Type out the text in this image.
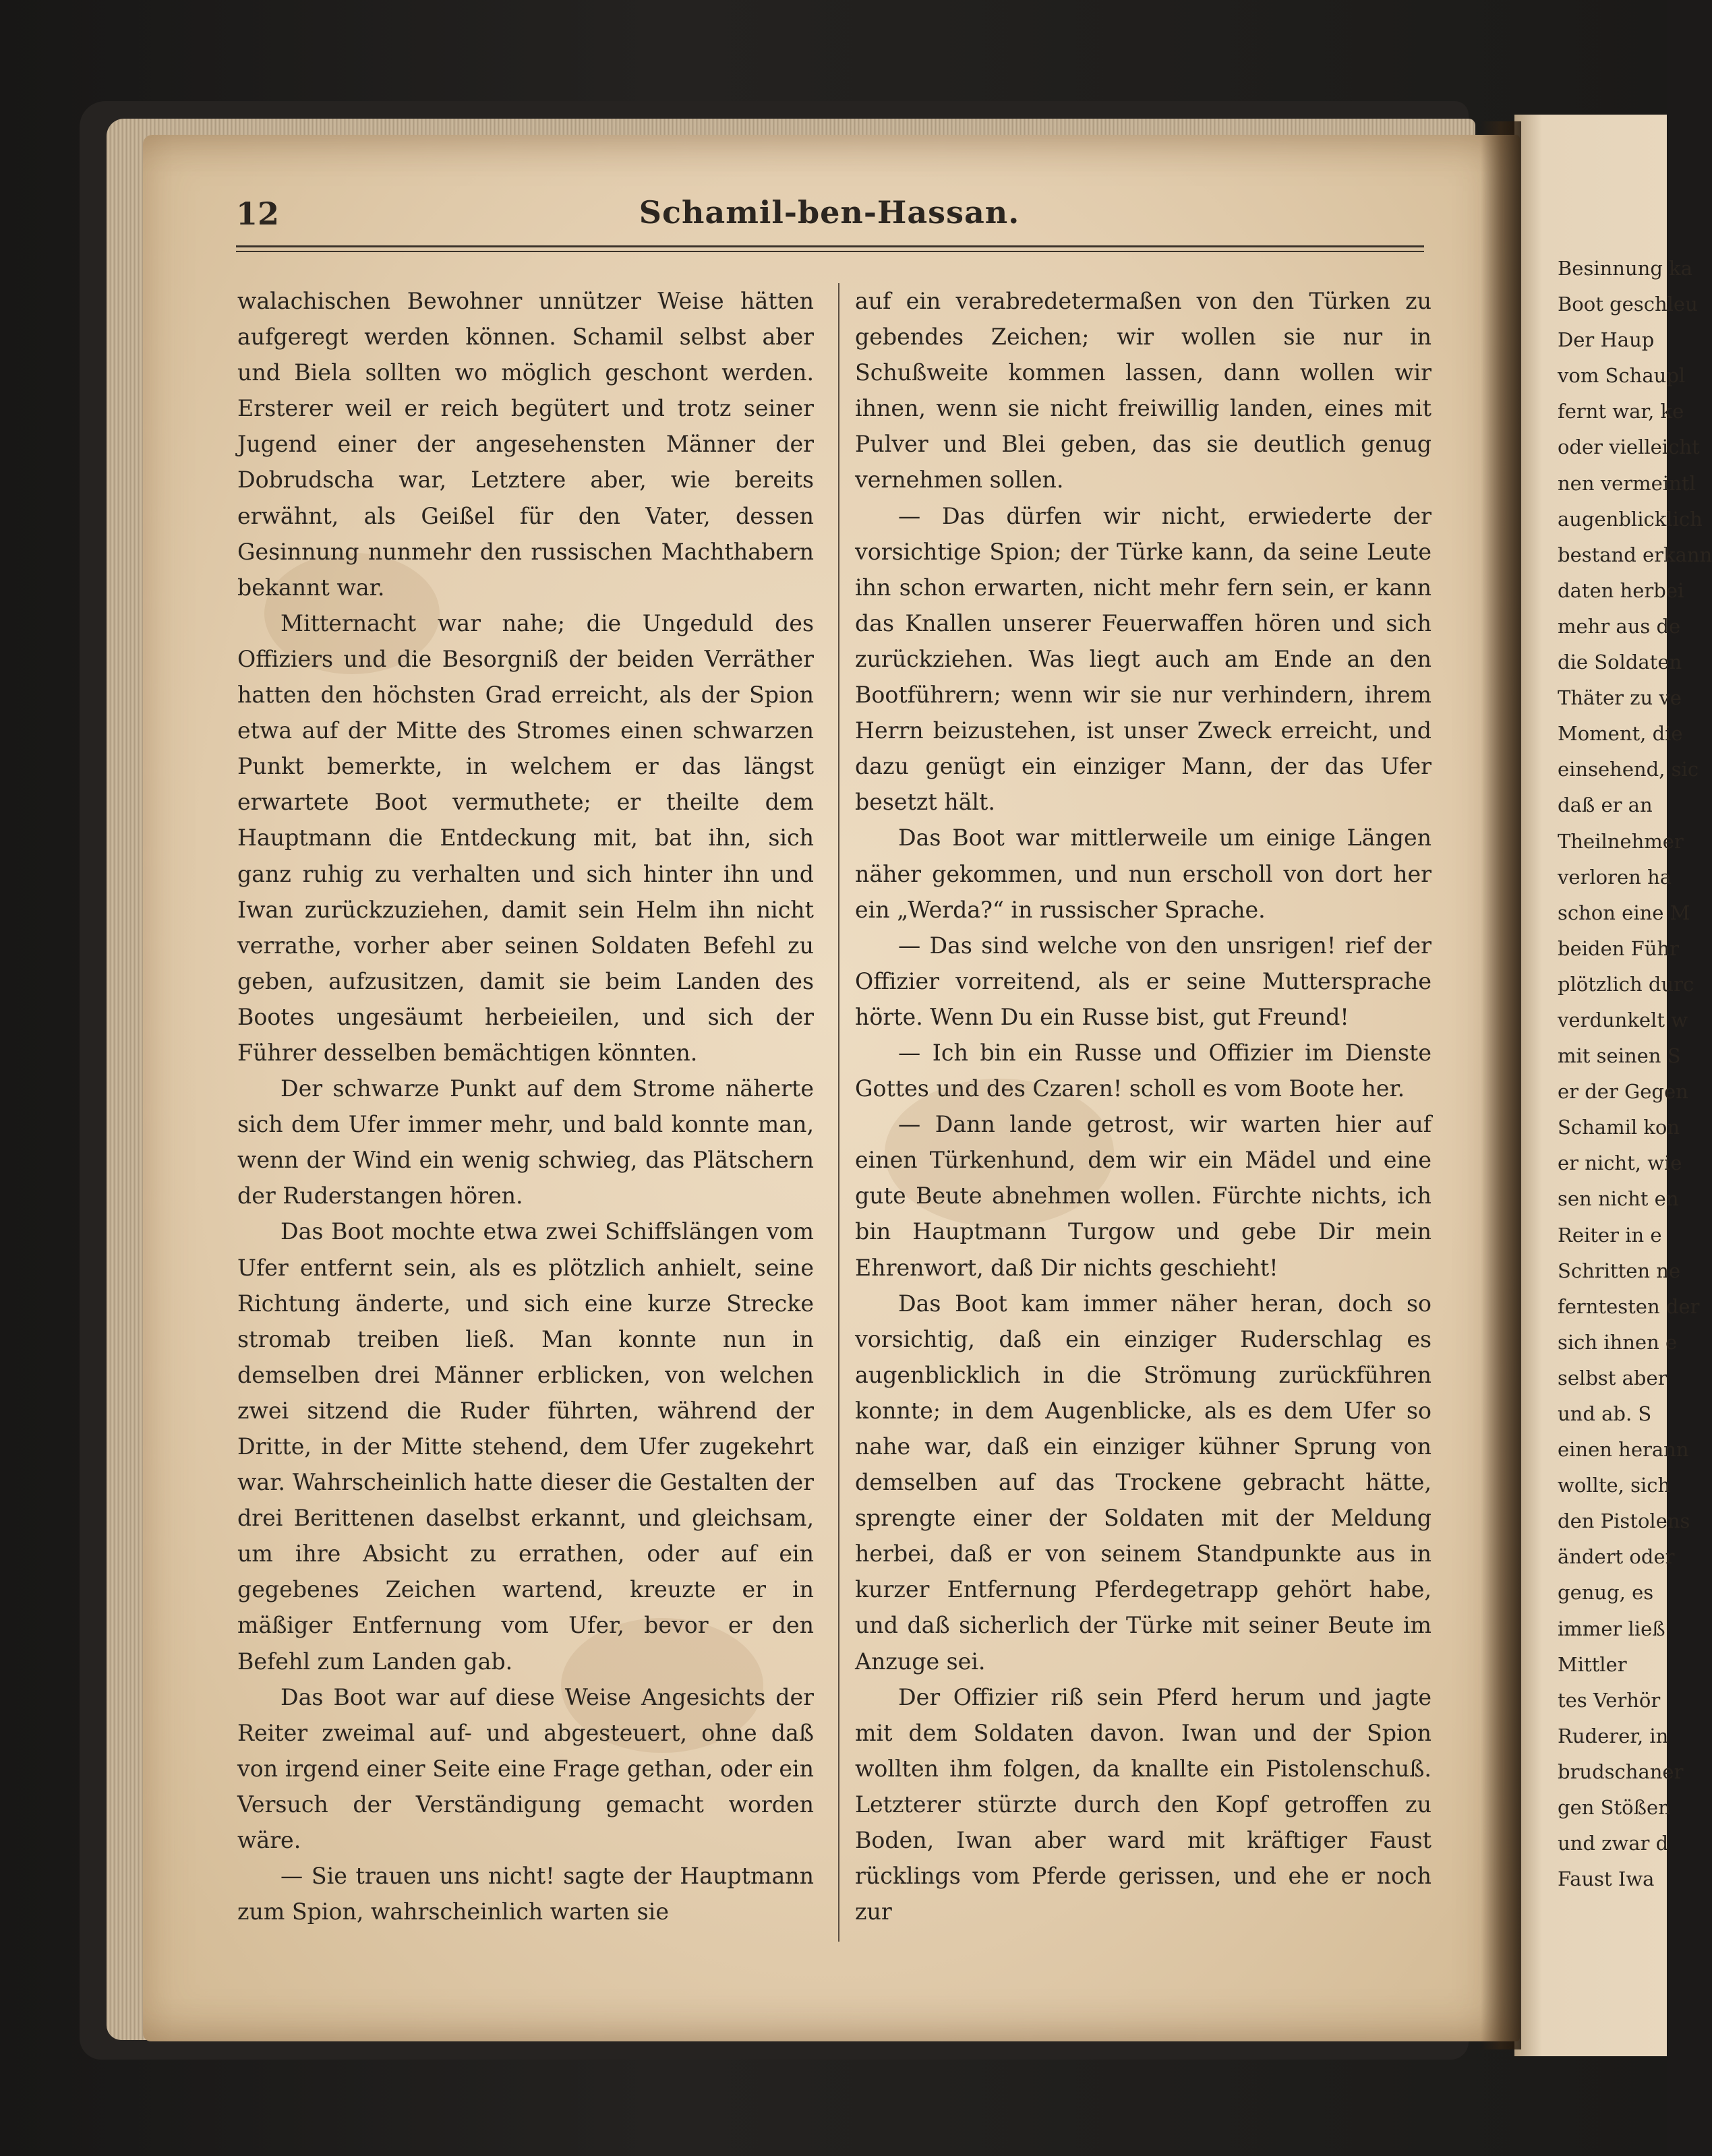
Besinnung ka
Boot geschleu
Der Haup
vom Schaupl
fernt war, ke
oder vielleicht
nen vermeintl
augenblicklich
bestand erkann
daten herbei
mehr aus de
die Soldaten
Thäter zu ve
Moment, die
einsehend, sic
daß er an
Theilnehmer
verloren ha
schon eine M
beiden Führ
plötzlich durc
verdunkelt w
mit seinen S
er der Gegen
Schamil kon
er nicht, wie
sen nicht en
Reiter in e
Schritten ne
ferntesten der
sich ihnen e
selbst aber
und ab. S
einen herann
wollte, sich
den Pistolens
ändert oder
genug, es
immer ließ
Mittler
tes Verhör
Ruderer, in
brudschaner
gen Stößen
und zwar d
Faust Iwa
12	Schamil-ben-Hassan.

walachischen Bewohner unnützer Weise hätten aufgeregt werden können. Schamil selbst aber und Biela sollten wo möglich geschont werden. Ersterer weil er reich begütert und trotz seiner Jugend einer der angesehensten Männer der Dobrudscha war, Letztere aber, wie bereits erwähnt, als Geißel für den Vater, dessen Gesinnung nunmehr den russischen Machthabern bekannt war.

Mitternacht war nahe; die Ungeduld des Offiziers und die Besorgniß der beiden Verräther hatten den höchsten Grad erreicht, als der Spion etwa auf der Mitte des Stromes einen schwarzen Punkt bemerkte, in welchem er das längst erwartete Boot vermuthete; er theilte dem Hauptmann die Entdeckung mit, bat ihn, sich ganz ruhig zu verhalten und sich hinter ihn und Iwan zurückzuziehen, damit sein Helm ihn nicht verrathe, vorher aber seinen Soldaten Befehl zu geben, aufzusitzen, damit sie beim Landen des Bootes ungesäumt herbeieilen, und sich der Führer desselben bemächtigen könnten.

Der schwarze Punkt auf dem Strome näherte sich dem Ufer immer mehr, und bald konnte man, wenn der Wind ein wenig schwieg, das Plätschern der Ruderstangen hören.

Das Boot mochte etwa zwei Schiffslängen vom Ufer entfernt sein, als es plötzlich anhielt, seine Richtung änderte, und sich eine kurze Strecke stromab treiben ließ. Man konnte nun in demselben drei Männer erblicken, von welchen zwei sitzend die Ruder führten, während der Dritte, in der Mitte stehend, dem Ufer zugekehrt war. Wahrscheinlich hatte dieser die Gestalten der drei Berittenen daselbst erkannt, und gleichsam, um ihre Absicht zu errathen, oder auf ein gegebenes Zeichen wartend, kreuzte er in mäßiger Entfernung vom Ufer, bevor er den Befehl zum Landen gab.

Das Boot war auf diese Weise Angesichts der Reiter zweimal auf- und abgesteuert, ohne daß von irgend einer Seite eine Frage gethan, oder ein Versuch der Verständigung gemacht worden wäre.

— Sie trauen uns nicht! sagte der Hauptmann zum Spion, wahrscheinlich warten sie

auf ein verabredetermaßen von den Türken zu gebendes Zeichen; wir wollen sie nur in Schußweite kommen lassen, dann wollen wir ihnen, wenn sie nicht freiwillig landen, eines mit Pulver und Blei geben, das sie deutlich genug vernehmen sollen.

— Das dürfen wir nicht, erwiederte der vorsichtige Spion; der Türke kann, da seine Leute ihn schon erwarten, nicht mehr fern sein, er kann das Knallen unserer Feuerwaffen hören und sich zurückziehen. Was liegt auch am Ende an den Bootführern; wenn wir sie nur verhindern, ihrem Herrn beizustehen, ist unser Zweck erreicht, und dazu genügt ein einziger Mann, der das Ufer besetzt hält.

Das Boot war mittlerweile um einige Längen näher gekommen, und nun erscholl von dort her ein „Werda?“ in russischer Sprache.

— Das sind welche von den unsrigen! rief der Offizier vorreitend, als er seine Muttersprache hörte. Wenn Du ein Russe bist, gut Freund!

— Ich bin ein Russe und Offizier im Dienste Gottes und des Czaren! scholl es vom Boote her.

— Dann lande getrost, wir warten hier auf einen Türkenhund, dem wir ein Mädel und eine gute Beute abnehmen wollen. Fürchte nichts, ich bin Hauptmann Turgow und gebe Dir mein Ehrenwort, daß Dir nichts geschieht!

Das Boot kam immer näher heran, doch so vorsichtig, daß ein einziger Ruderschlag es augenblicklich in die Strömung zurückführen konnte; in dem Augenblicke, als es dem Ufer so nahe war, daß ein einziger kühner Sprung von demselben auf das Trockene gebracht hätte, sprengte einer der Soldaten mit der Meldung herbei, daß er von seinem Standpunkte aus in kurzer Entfernung Pferdegetrapp gehört habe, und daß sicherlich der Türke mit seiner Beute im Anzuge sei.

Der Offizier riß sein Pferd herum und jagte mit dem Soldaten davon. Iwan und der Spion wollten ihm folgen, da knallte ein Pistolenschuß. Letzterer stürzte durch den Kopf getroffen zu Boden, Iwan aber ward mit kräftiger Faust rücklings vom Pferde gerissen, und ehe er noch zur
